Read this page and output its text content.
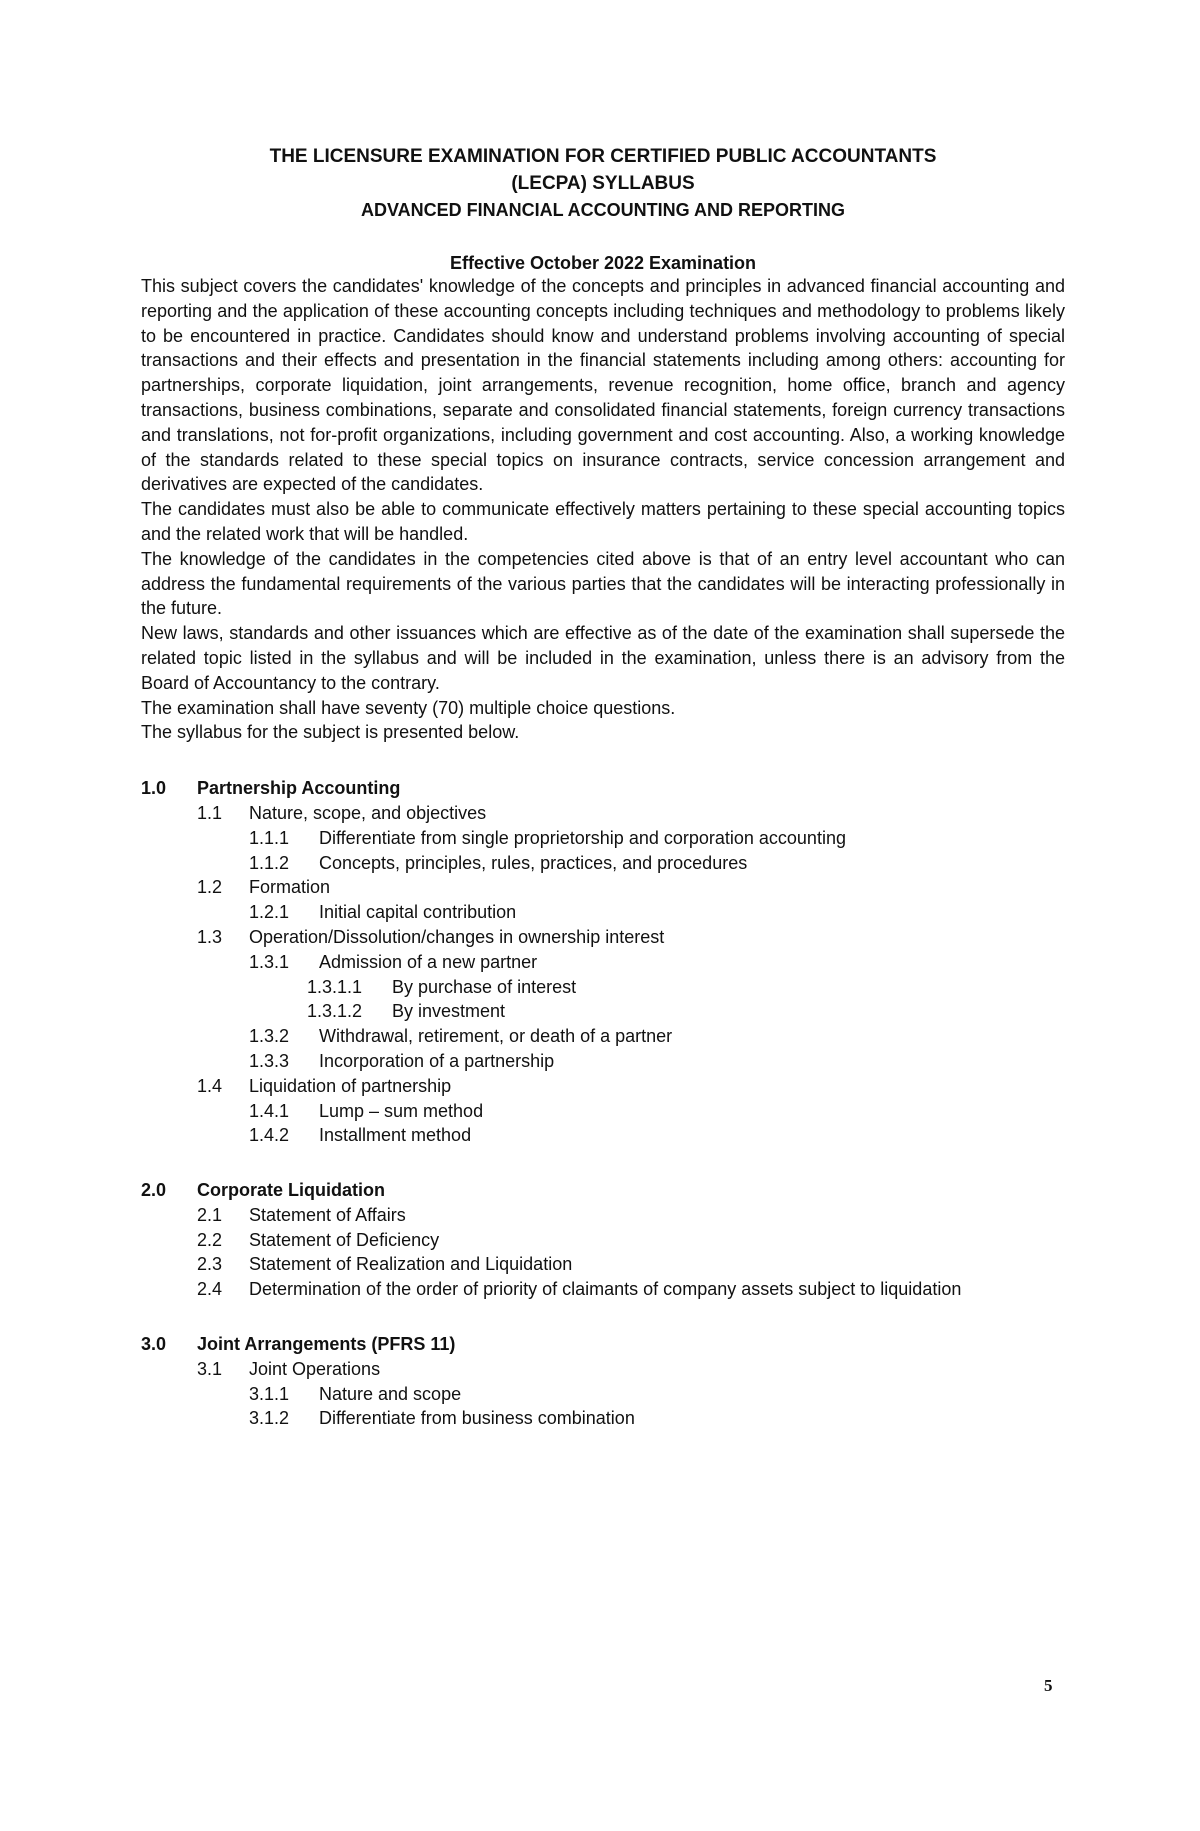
THE LICENSURE EXAMINATION FOR CERTIFIED PUBLIC ACCOUNTANTS
(LECPA) SYLLABUS
ADVANCED FINANCIAL ACCOUNTING AND REPORTING
Effective October 2022 Examination

This subject covers the candidates' knowledge of the concepts and principles in advanced financial accounting and reporting and the application of these accounting concepts including techniques and methodology to problems likely to be encountered in practice. Candidates should know and understand problems involving accounting of special transactions and their effects and presentation in the financial statements including among others: accounting for partnerships, corporate liquidation, joint arrangements, revenue recognition, home office, branch and agency transactions, business combinations, separate and consolidated financial statements, foreign currency transactions and translations, not for-profit organizations, including government and cost accounting. Also, a working knowledge of the standards related to these special topics on insurance contracts, service concession arrangement and derivatives are expected of the candidates.

The candidates must also be able to communicate effectively matters pertaining to these special accounting topics and the related work that will be handled.

The knowledge of the candidates in the competencies cited above is that of an entry level accountant who can address the fundamental requirements of the various parties that the candidates will be interacting professionally in the future.

New laws, standards and other issuances which are effective as of the date of the examination shall supersede the related topic listed in the syllabus and will be included in the examination, unless there is an advisory from the Board of Accountancy to the contrary.

The examination shall have seventy (70) multiple choice questions.

The syllabus for the subject is presented below.

1.0	Partnership Accounting
1.1	Nature, scope, and objectives
1.1.1	Differentiate from single proprietorship and corporation accounting
1.1.2	Concepts, principles, rules, practices, and procedures
1.2	Formation
1.2.1	Initial capital contribution
1.3	Operation/Dissolution/changes in ownership interest
1.3.1	Admission of a new partner
1.3.1.1	By purchase of interest
1.3.1.2	By investment
1.3.2	Withdrawal, retirement, or death of a partner
1.3.3	Incorporation of a partnership
1.4	Liquidation of partnership
1.4.1	Lump – sum method
1.4.2	Installment method
2.0	Corporate Liquidation
2.1	Statement of Affairs
2.2	Statement of Deficiency
2.3	Statement of Realization and Liquidation
2.4	Determination of the order of priority of claimants of company assets subject to liquidation
3.0	Joint Arrangements (PFRS 11)
3.1	Joint Operations
3.1.1	Nature and scope
3.1.2	Differentiate from business combination
5
